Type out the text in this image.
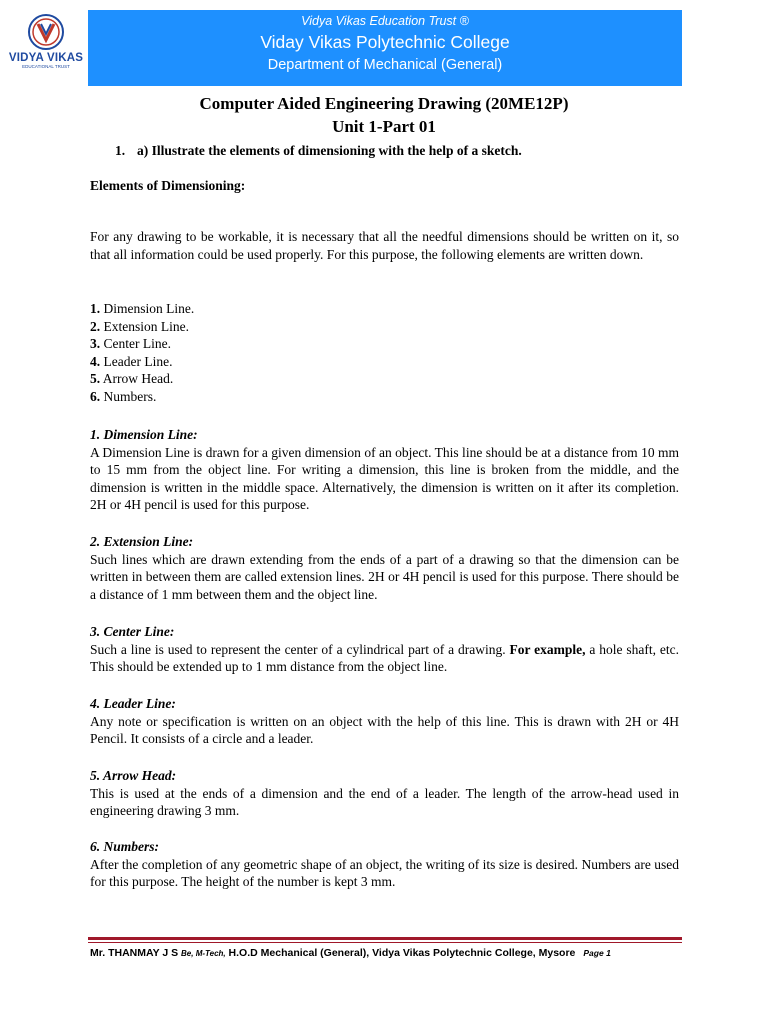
VIDYA VIKAS
EDUCATIONAL TRUST
Vidya Vikas Education Trust ®
Viday Vikas Polytechnic College
Department of Mechanical (General)
Computer Aided Engineering Drawing (20ME12P)
Unit 1-Part 01
1. a) Illustrate the elements of dimensioning with the help of a sketch.

Elements of Dimensioning:

For any drawing to be workable, it is necessary that all the needful dimensions should be written on it, so that all information could be used properly. For this purpose, the following elements are written down.

1. Dimension Line.

2. Extension Line.

3. Center Line.

4. Leader Line.

5. Arrow Head.

6. Numbers.

1. Dimension Line:

A Dimension Line is drawn for a given dimension of an object. This line should be at a distance from 10 mm to 15 mm from the object line. For writing a dimension, this line is broken from the middle, and the dimension is written in the middle space. Alternatively, the dimension is written on it after its completion. 2H or 4H pencil is used for this purpose.

2. Extension Line:

Such lines which are drawn extending from the ends of a part of a drawing so that the dimension can be written in between them are called extension lines. 2H or 4H pencil is used for this purpose. There should be a distance of 1 mm between them and the object line.

3. Center Line:

Such a line is used to represent the center of a cylindrical part of a drawing. For example, a hole shaft, etc. This should be extended up to 1 mm distance from the object line.

4. Leader Line:

Any note or specification is written on an object with the help of this line. This is drawn with 2H or 4H Pencil. It consists of a circle and a leader.

5. Arrow Head:

This is used at the ends of a dimension and the end of a leader. The length of the arrow-head used in engineering drawing 3 mm.

6. Numbers:

After the completion of any geometric shape of an object, the writing of its size is desired. Numbers are used for this purpose. The height of the number is kept 3 mm.

Mr. THANMAY J S Be, M-Tech, H.O.D Mechanical (General), Vidya Vikas Polytechnic College, Mysore Page 1
